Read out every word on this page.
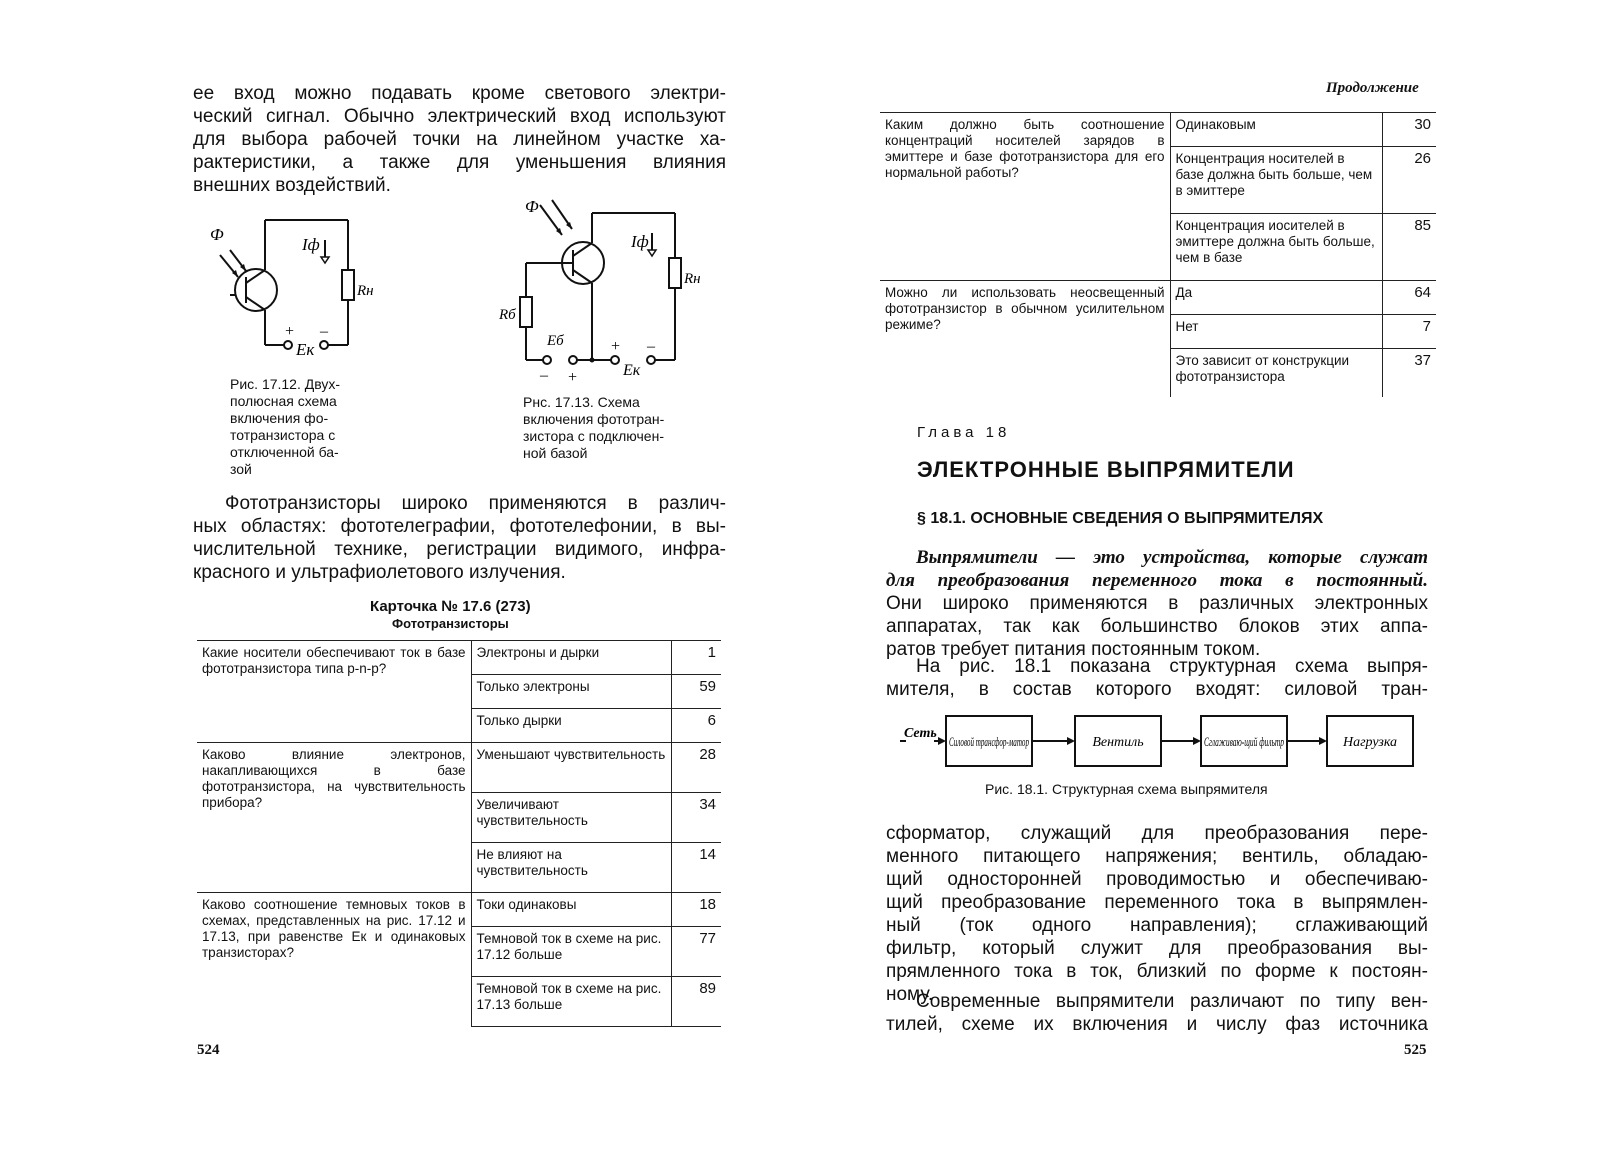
ее вход можно подавать кроме светового электри-
ческий сигнал. Обычно электрический вход используют
для выбора рабочей точки на линейном участке ха-
рактеристики, а также для уменьшения влияния
внешних воздействий.
Ф
Iф
Rн
+ –
Eк
Рис. 17.12. Двух-
полюсная схема
включения фо-
тотранзистора с
отключенной ба-
зой
Ф
Iф
Rн
Rб
Eб	+ –
Eк
– +
Рнс. 17.13. Схема
включения фототран-
зистора с подключен-
ной базой
Фототранзисторы широко применяются в различ-
ных областях: фототелеграфии, фототелефонии, в вы-
числительной технике, регистрации видимого, инфра-
красного и ультрафиолетового излучения.
Карточка № 17.6 (273)
Фототранзисторы
Какие носители обеспечивают ток в базе фототранзистора типа р-n-р?	Электроны и дырки	1
	Только электроны	59
	Только дырки	6
Каково влияние электронов, накапливающихся в базе фототранзистора, на чувствительность прибора?	Уменьшают чувствительность	28
	Увеличивают чувствительность	34
	Не влияют на чувствительность	14
Каково соотношение темновых токов в схемах, представленных на рис. 17.12 и 17.13, при равенстве Eк и одинаковых транзисторах?	Токи одинаковы	18
	Темновой ток в схеме на рис. 17.12 больше	77
	Темновой ток в схеме на рис. 17.13 больше	89
524
Продолжение
Каким должно быть соотношение концентраций носителей зарядов в эмиттере и базе фототранзистора для его нормальной работы?	Одинаковым	30
	Концентрация носителей в базе должна быть больше, чем в эмиттере	26
	Концентрация иосителей в эмиттере должна быть больше, чем в базе	85
Можно ли использовать неосвещенный фототранзистор в обычном усилительном режиме?	Да	64
	Нет	7
	Это зависит от конструкции фототранзистора	37
Глава 18
ЭЛЕКТРОННЫЕ ВЫПРЯМИТЕЛИ
§ 18.1. ОСНОВНЫЕ СВЕДЕНИЯ О ВЫПРЯМИТЕЛЯХ
Выпрямители — это устройства, которые служат
для преобразования переменного тока в постоянный.
Они широко применяются в различных электронных
аппаратах, так как большинство блоков этих аппа-
ратов требует питания постоянным током.
На рис. 18.1 показана структурная схема выпря-
мителя, в состав которого входят: силовой тран-
Сеть
Силовой трансфор-матор	Вентиль	Сглаживаю-щий фильтр	Нагрузка
Рис. 18.1. Структурная схема выпрямителя
сформатор, служащий для преобразования пере-
менного питающего напряжения; вентиль, обладаю-
щий односторонней проводимостью и обеспечиваю-
щий преобразование переменного тока в выпрямлен-
ный (ток одного направления); сглаживающий
фильтр, который служит для преобразования вы-
прямленного тока в ток, близкий по форме к постоян-
ному.
Современные выпрямители различают по типу вен-
тилей, схеме их включения и числу фаз источника
525
